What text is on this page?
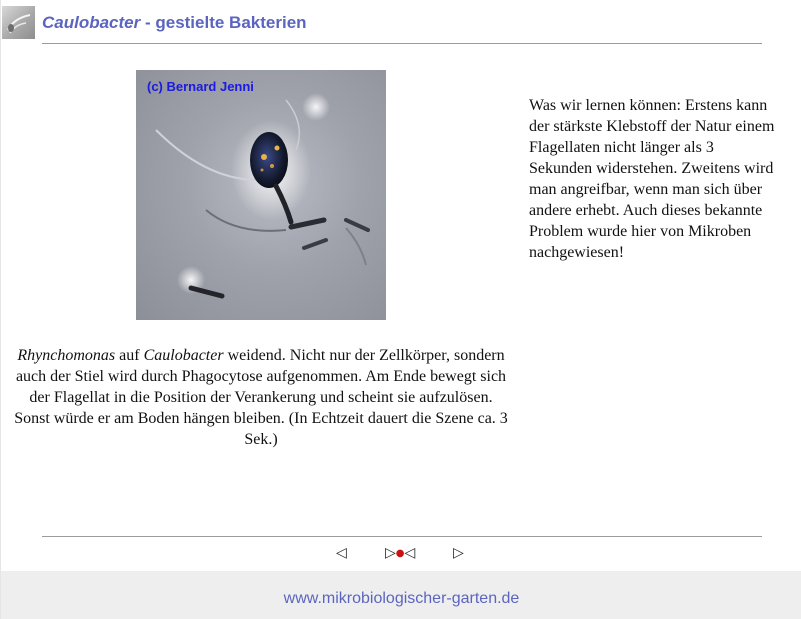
Caulobacter - gestielte Bakterien
(c) Bernard Jenni
Rhynchomonas auf Caulobacter weidend. Nicht nur der Zellkörper, sondern auch der Stiel wird durch Phagocytose aufgenommen. Am Ende bewegt sich der Flagellat in die Position der Verankerung und scheint sie aufzulösen. Sonst würde er am Boden hängen bleiben. (In Echtzeit dauert die Szene ca. 3 Sek.)
Was wir lernen können: Erstens kann der stärkste Klebstoff der Natur einem Flagellaten nicht länger als 3 Sekunden widerstehen. Zweitens wird man angreifbar, wenn man sich über andere erhebt. Auch dieses bekannte Problem wurde hier von Mikroben nachgewiesen!
◁	▷●◁	▷
www.mikrobiologischer-garten.de
